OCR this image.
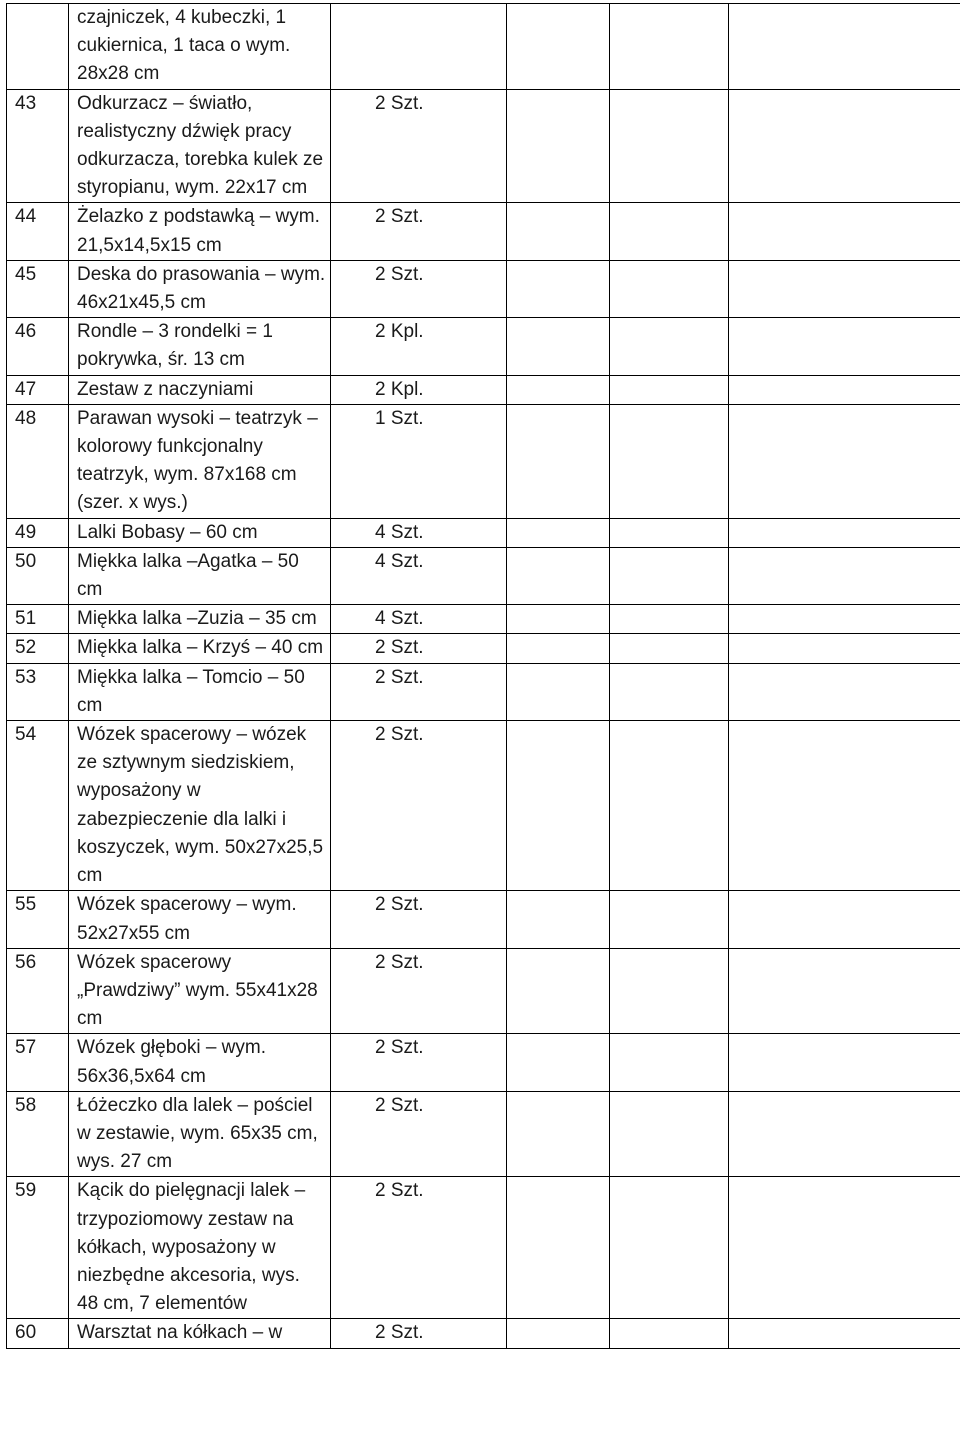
	czajniczek, 4 kubeczki, 1 cukiernica, 1 taca o wym. 28x28 cm				
43	Odkurzacz – światło, realistyczny dźwięk pracy odkurzacza, torebka kulek ze styropianu, wym. 22x17 cm	2 Szt.			
44	Żelazko z podstawką – wym. 21,5x14,5x15 cm	2 Szt.			
45	Deska do prasowania – wym. 46x21x45,5 cm	2 Szt.			
46	Rondle – 3 rondelki = 1 pokrywka, śr. 13 cm	2 Kpl.			
47	Zestaw z naczyniami	2 Kpl.			
48	Parawan wysoki – teatrzyk – kolorowy funkcjonalny teatrzyk, wym. 87x168 cm (szer. x wys.)	1 Szt.			
49	Lalki Bobasy – 60 cm	4 Szt.			
50	Miękka lalka –Agatka – 50 cm	4 Szt.			
51	Miękka lalka –Zuzia – 35 cm	4 Szt.			
52	Miękka lalka – Krzyś – 40 cm	2 Szt.			
53	Miękka lalka – Tomcio – 50 cm	2 Szt.			
54	Wózek spacerowy – wózek ze sztywnym siedziskiem, wyposażony w zabezpieczenie dla lalki i koszyczek, wym. 50x27x25,5 cm	2 Szt.			
55	Wózek spacerowy – wym. 52x27x55 cm	2 Szt.			
56	Wózek spacerowy „Prawdziwy” wym. 55x41x28 cm	2 Szt.			
57	Wózek głęboki – wym. 56x36,5x64 cm	2 Szt.			
58	Łóżeczko dla lalek – pościel w zestawie, wym. 65x35 cm, wys. 27 cm	2 Szt.			
59	Kącik do pielęgnacji lalek – trzypoziomowy zestaw na kółkach, wyposażony w niezbędne akcesoria, wys. 48 cm, 7 elementów	2 Szt.			
60	Warsztat na kółkach – w	2 Szt.			
